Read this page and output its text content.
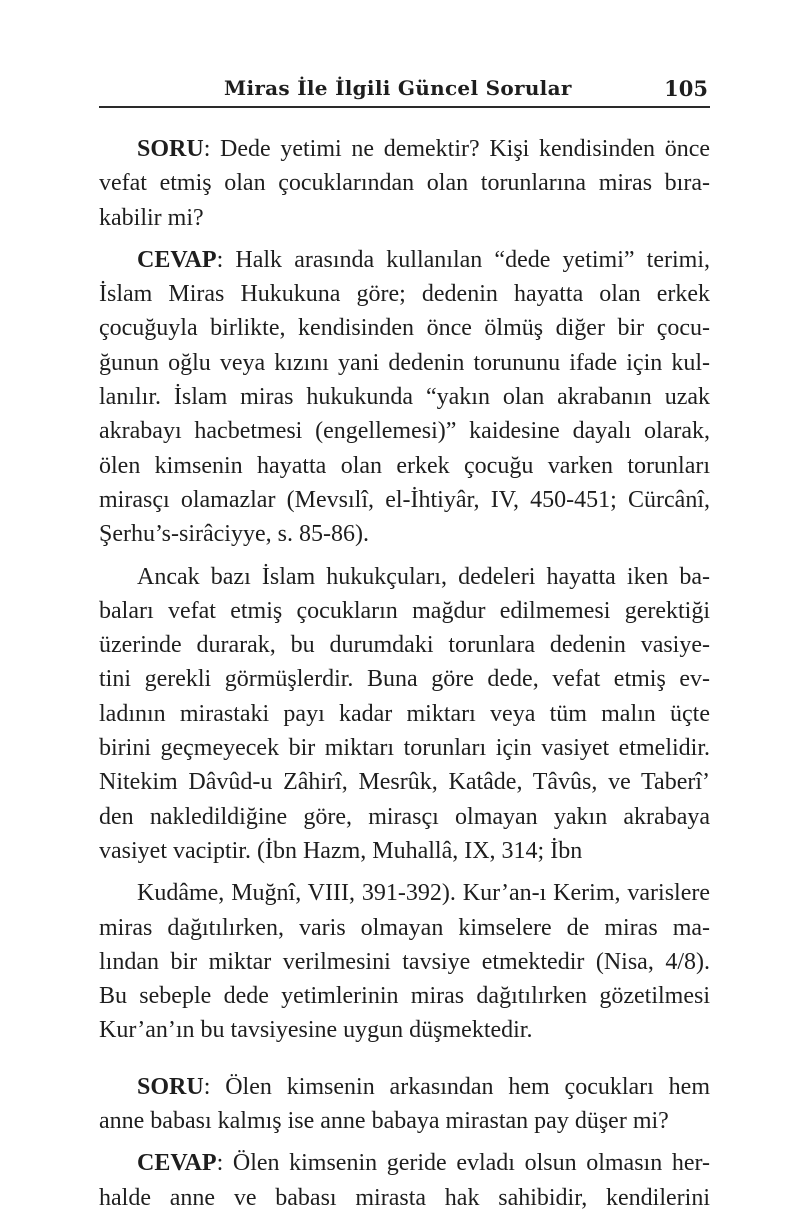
Miras İle İlgili Güncel Sorular	105
SORU: Dede yetimi ne demektir? Kişi kendisinden önce
vefat etmiş olan çocuklarından olan torunlarına miras bıra-
kabilir mi?
CEVAP: Halk arasında kullanılan “dede yetimi” terimi,
İslam Miras Hukukuna göre; dedenin hayatta olan erkek
çocuğuyla birlikte, kendisinden önce ölmüş diğer bir çocu-
ğunun oğlu veya kızını yani dedenin torununu ifade için kul-
lanılır. İslam miras hukukunda “yakın olan akrabanın uzak
akrabayı hacbetmesi (engellemesi)” kaidesine dayalı olarak,
ölen kimsenin hayatta olan erkek çocuğu varken torunları
mirasçı olamazlar (Mevsılî, el-İhtiyâr, IV, 450-451; Cürcânî,
Şerhu’s-sirâciyye, s. 85-86).
Ancak bazı İslam hukukçuları, dedeleri hayatta iken ba-
baları vefat etmiş çocukların mağdur edilmemesi gerektiği
üzerinde durarak, bu durumdaki torunlara dedenin vasiye-
tini gerekli görmüşlerdir. Buna göre dede, vefat etmiş ev-
ladının mirastaki payı kadar miktarı veya tüm malın üçte
birini geçmeyecek bir miktarı torunları için vasiyet etmelidir.
Nitekim Dâvûd-u Zâhirî, Mesrûk, Katâde, Tâvûs, ve Taberî’
den nakledildiğine göre, mirasçı olmayan yakın akrabaya
vasiyet vaciptir. (İbn Hazm, Muhallâ, IX, 314; İbn
Kudâme, Muğnî, VIII, 391-392). Kur’an-ı Kerim, varislere
miras dağıtılırken, varis olmayan kimselere de miras ma-
lından bir miktar verilmesini tavsiye etmektedir (Nisa, 4/8).
Bu sebeple dede yetimlerinin miras dağıtılırken gözetilmesi
Kur’an’ın bu tavsiyesine uygun düşmektedir.
SORU: Ölen kimsenin arkasından hem çocukları hem
anne babası kalmış ise anne babaya mirastan pay düşer mi?
CEVAP: Ölen kimsenin geride evladı olsun olmasın her-
halde anne ve babası mirasta hak sahibidir, kendilerini
